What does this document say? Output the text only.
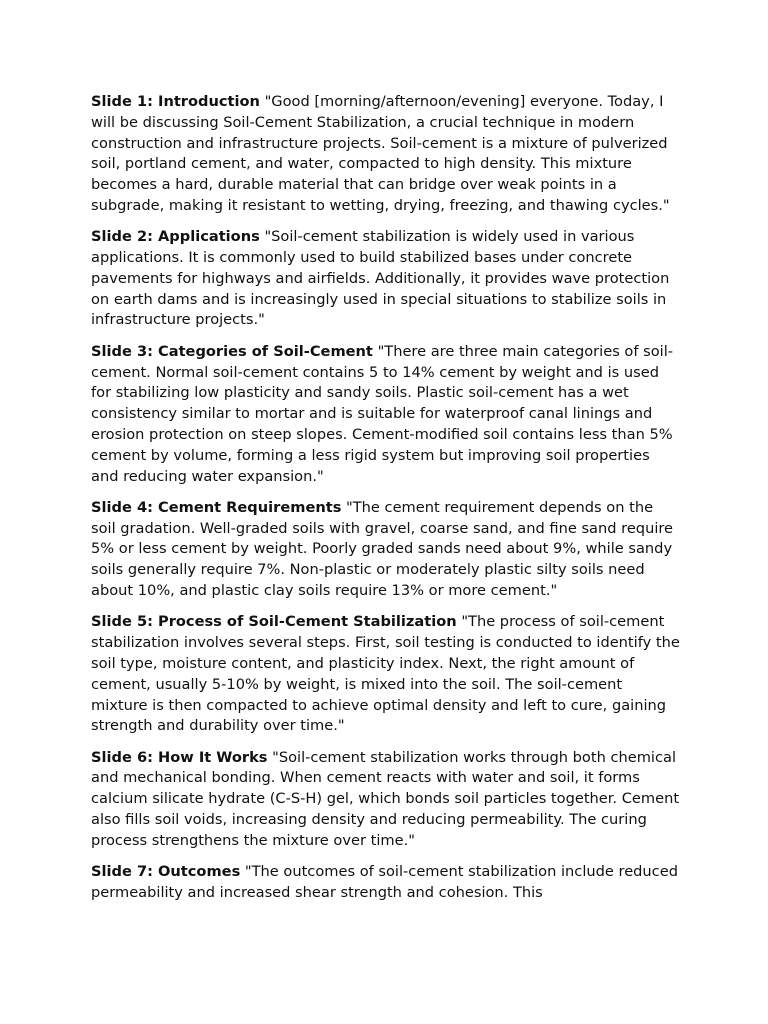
Slide 1: Introduction "Good [morning/afternoon/evening] everyone. Today, I will be discussing Soil-Cement Stabilization, a crucial technique in modern construction and infrastructure projects. Soil-cement is a mixture of pulverized soil, portland cement, and water, compacted to high density. This mixture becomes a hard, durable material that can bridge over weak points in a subgrade, making it resistant to wetting, drying, freezing, and thawing cycles."

Slide 2: Applications "Soil-cement stabilization is widely used in various applications. It is commonly used to build stabilized bases under concrete pavements for highways and airfields. Additionally, it provides wave protection on earth dams and is increasingly used in special situations to stabilize soils in infrastructure projects."

Slide 3: Categories of Soil-Cement "There are three main categories of soil-cement. Normal soil-cement contains 5 to 14% cement by weight and is used for stabilizing low plasticity and sandy soils. Plastic soil-cement has a wet consistency similar to mortar and is suitable for waterproof canal linings and erosion protection on steep slopes. Cement-modified soil contains less than 5% cement by volume, forming a less rigid system but improving soil properties and reducing water expansion."

Slide 4: Cement Requirements "The cement requirement depends on the soil gradation. Well-graded soils with gravel, coarse sand, and fine sand require 5% or less cement by weight. Poorly graded sands need about 9%, while sandy soils generally require 7%. Non-plastic or moderately plastic silty soils need about 10%, and plastic clay soils require 13% or more cement."

Slide 5: Process of Soil-Cement Stabilization "The process of soil-cement stabilization involves several steps. First, soil testing is conducted to identify the soil type, moisture content, and plasticity index. Next, the right amount of cement, usually 5-10% by weight, is mixed into the soil. The soil-cement mixture is then compacted to achieve optimal density and left to cure, gaining strength and durability over time."

Slide 6: How It Works "Soil-cement stabilization works through both chemical and mechanical bonding. When cement reacts with water and soil, it forms calcium silicate hydrate (C-S-H) gel, which bonds soil particles together. Cement also fills soil voids, increasing density and reducing permeability. The curing process strengthens the mixture over time."

Slide 7: Outcomes "The outcomes of soil-cement stabilization include reduced permeability and increased shear strength and cohesion. This
